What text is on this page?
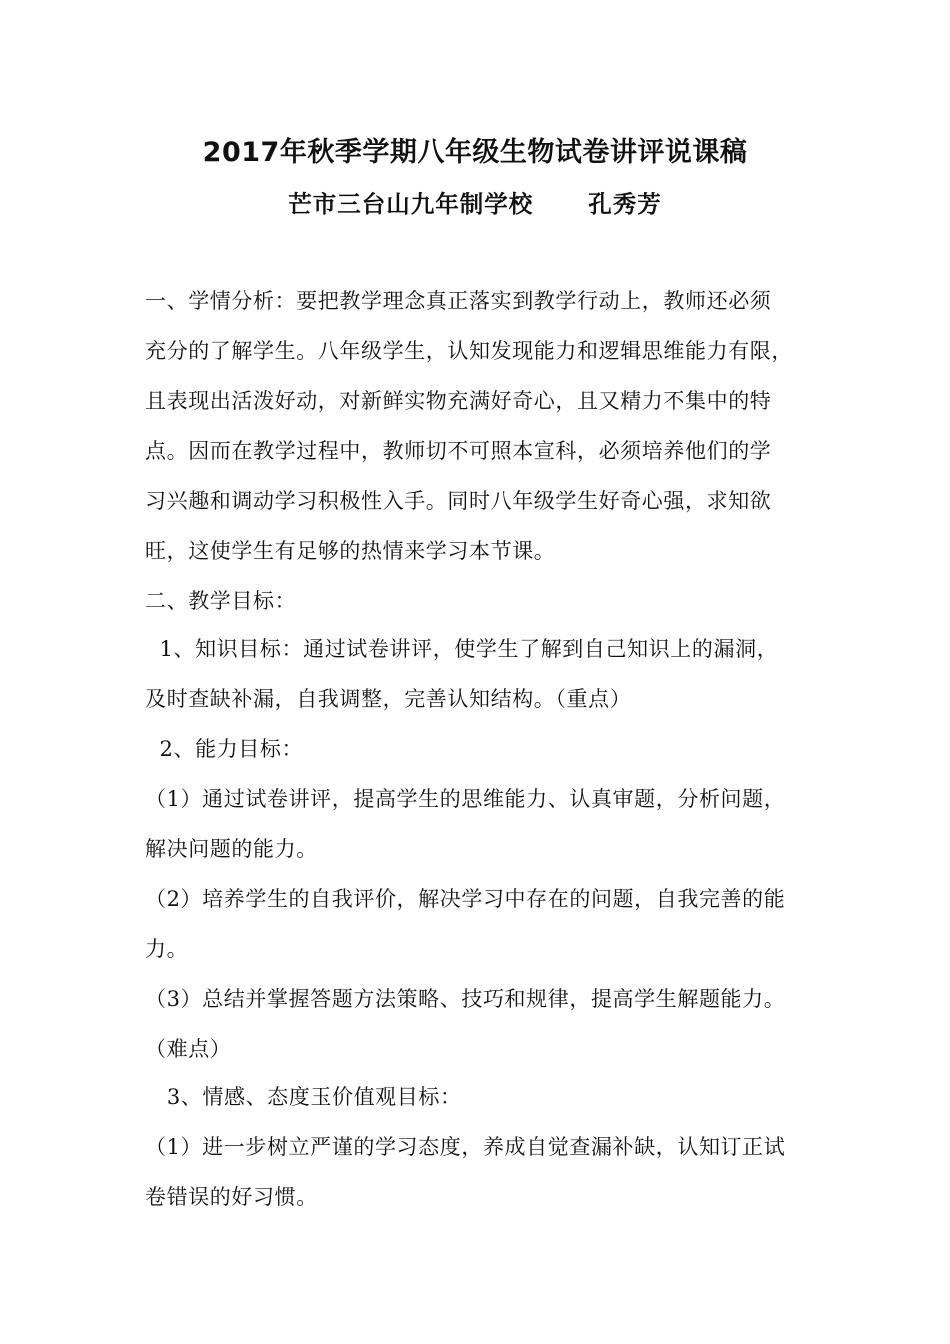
2017年秋季学期八年级生物试卷讲评说课稿
芒市三台山九年制学校      孔秀芳
一、学情分析：要把教学理念真正落实到教学行动上，教师还必须
充分的了解学生。八年级学生，认知发现能力和逻辑思维能力有限，
且表现出活泼好动，对新鲜实物充满好奇心，且又精力不集中的特
点。因而在教学过程中，教师切不可照本宣科，必须培养他们的学
习兴趣和调动学习积极性入手。同时八年级学生好奇心强，求知欲
旺，这使学生有足够的热情来学习本节课。
二、教学目标：
1、知识目标：通过试卷讲评，使学生了解到自己知识上的漏洞，
及时查缺补漏，自我调整，完善认知结构。（重点）
2、能力目标：
（1）通过试卷讲评，提高学生的思维能力、认真审题，分析问题，
解决问题的能力。
（2）培养学生的自我评价，解决学习中存在的问题，自我完善的能
力。
（3）总结并掌握答题方法策略、技巧和规律，提高学生解题能力。
（难点）
3、情感、态度玉价值观目标：
（1）进一步树立严谨的学习态度，养成自觉查漏补缺，认知订正试
卷错误的好习惯。
